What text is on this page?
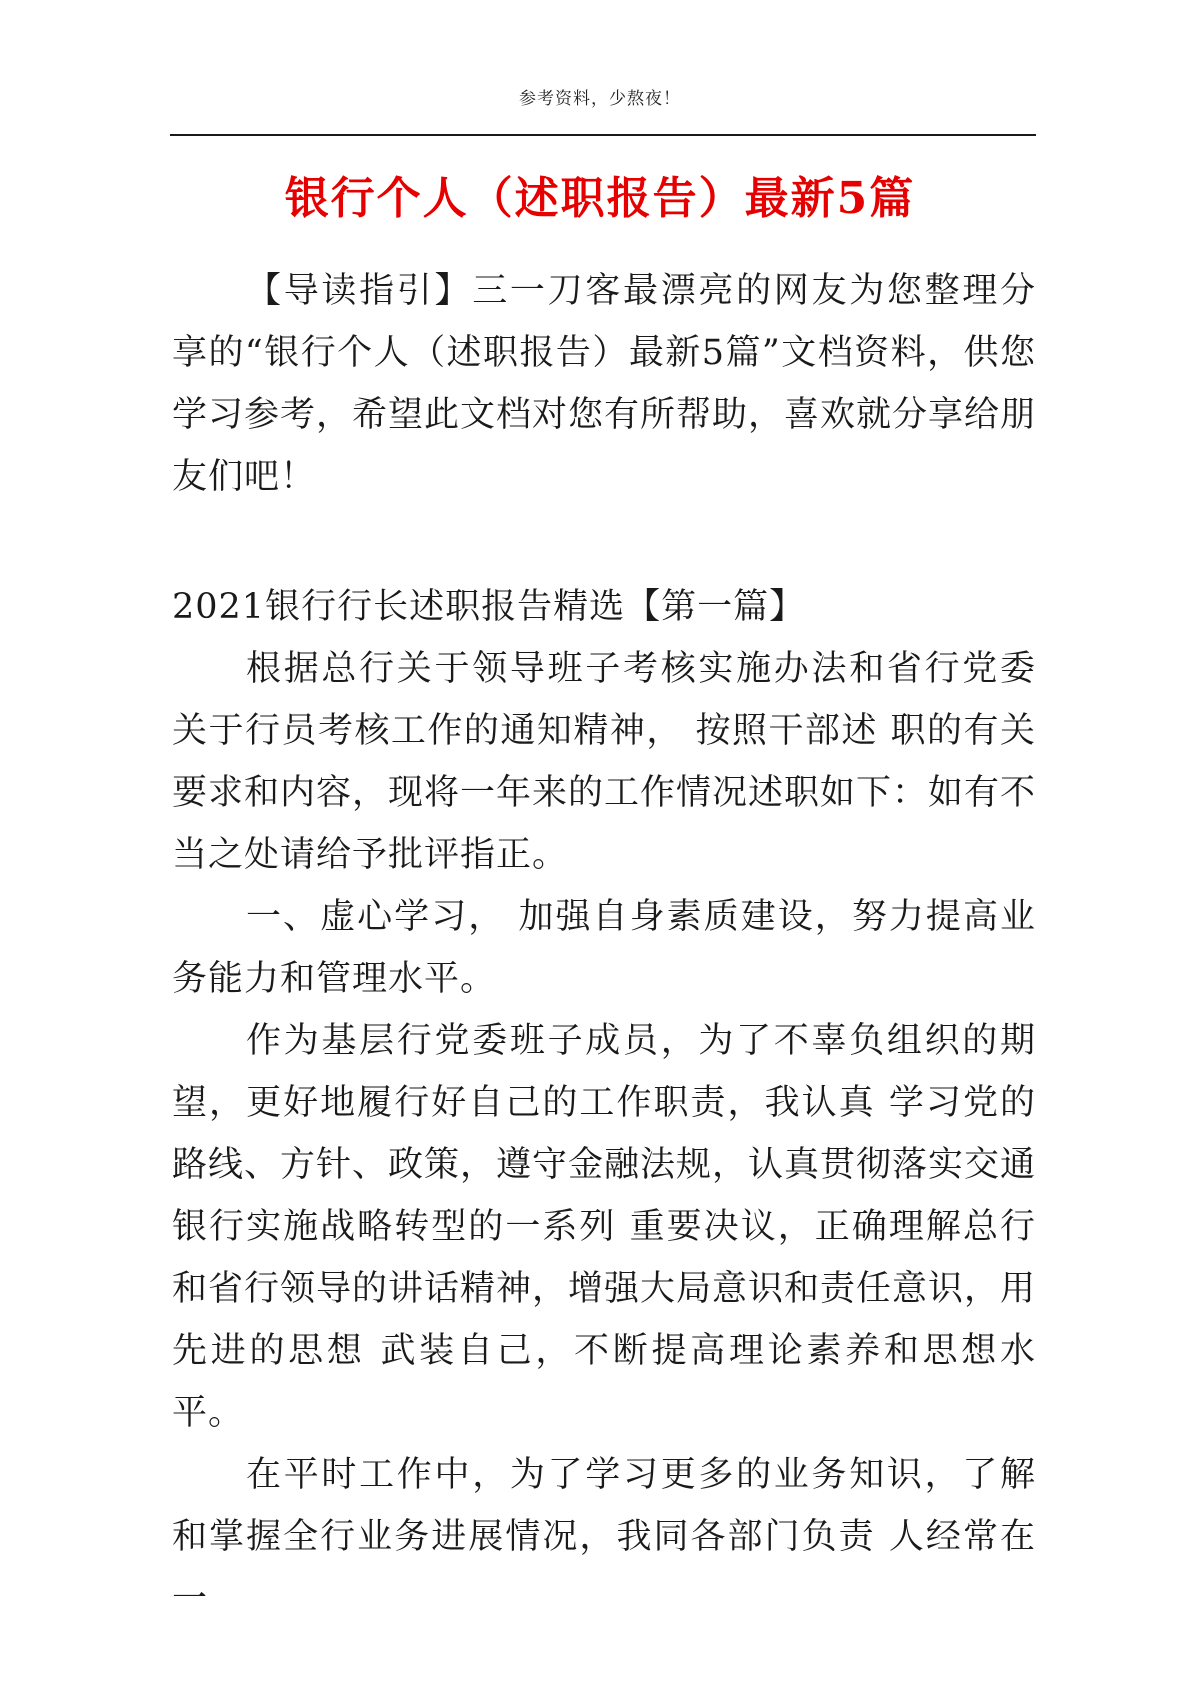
参考资料，少熬夜！
银行个人（述职报告）最新5篇

【导读指引】三一刀客最漂亮的网友为您整理分享的“银行个人（述职报告）最新5篇”文档资料，供您学习参考，希望此文档对您有所帮助，喜欢就分享给朋友们吧！

2021银行行长述职报告精选【第一篇】

根据总行关于领导班子考核实施办法和省行党委关于行员考核工作的通知精神， 按照干部述 职的有关要求和内容，现将一年来的工作情况述职如下：如有不当之处请给予批评指正。

一、虚心学习， 加强自身素质建设，努力提高业务能力和管理水平。

作为基层行党委班子成员，为了不辜负组织的期望，更好地履行好自己的工作职责，我认真 学习党的路线、方针、政策，遵守金融法规，认真贯彻落实交通银行实施战略转型的一系列 重要决议，正确理解总行和省行领导的讲话精神，增强大局意识和责任意识，用先进的思想 武装自己，不断提高理论素养和思想水平。

在平时工作中，为了学习更多的业务知识，了解和掌握全行业务进展情况，我同各部门负责 人经常在一
